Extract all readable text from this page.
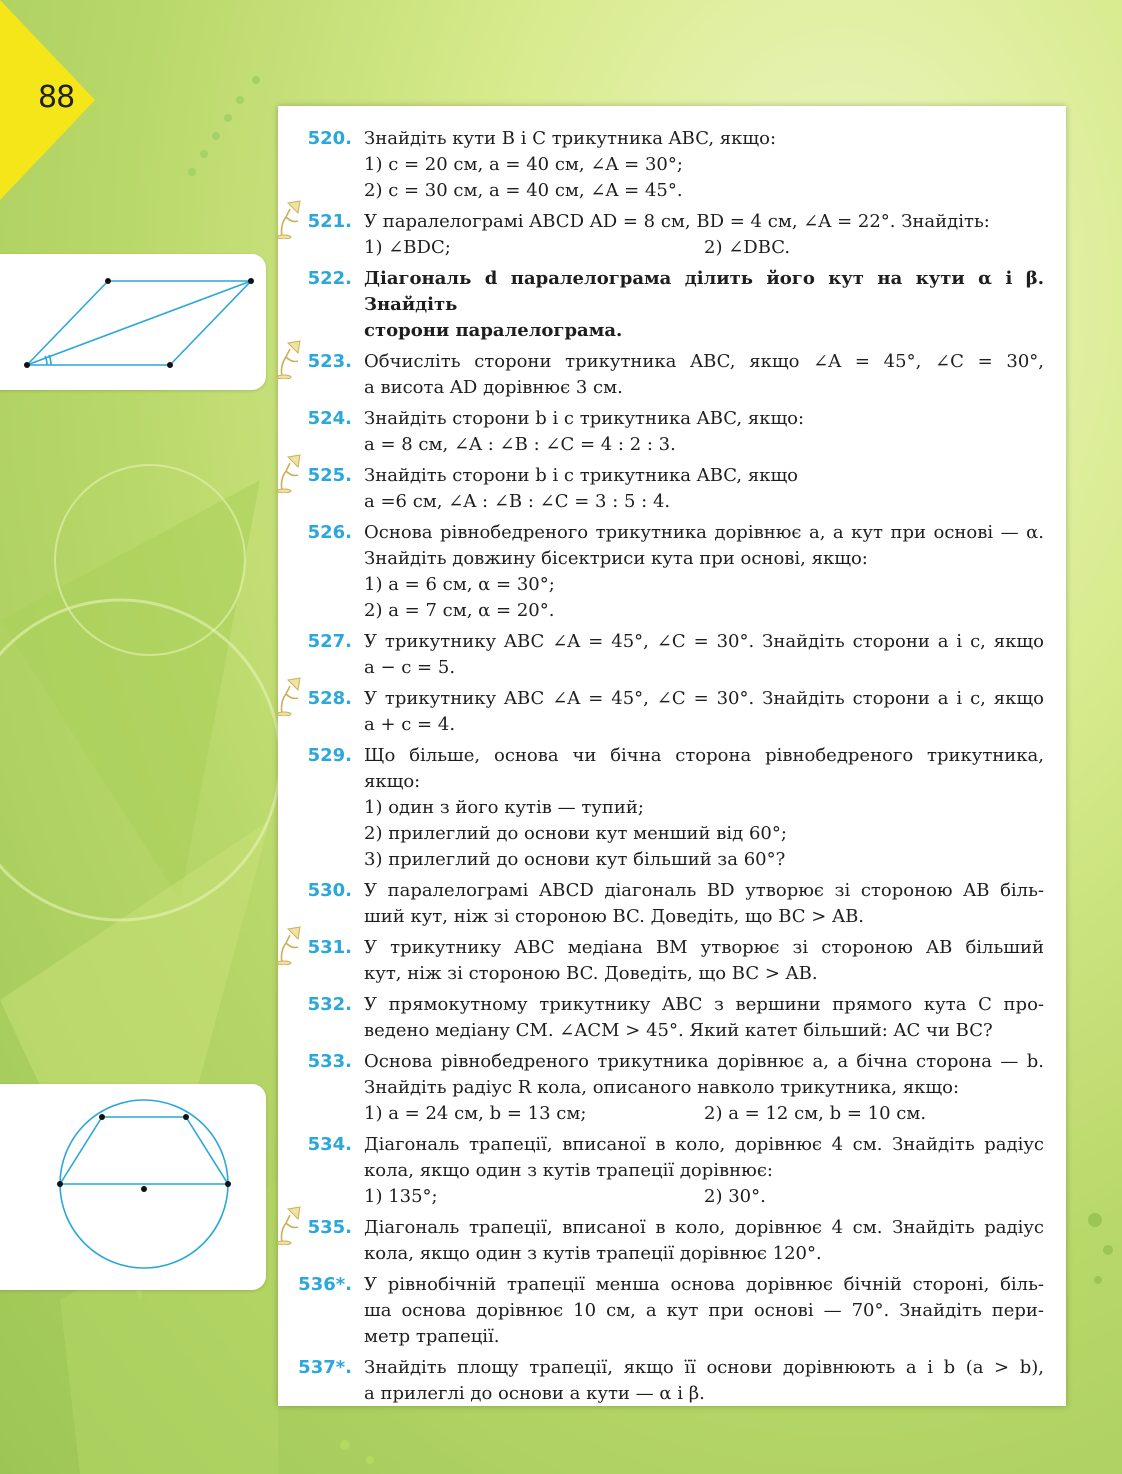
88
520. Знайдіть кути B і C трикутника ABC, якщо:
1) c = 20 см, a = 40 см, ∠A = 30°;
2) c = 30 см, a = 40 см, ∠A = 45°.
521. У паралелограмі ABCD AD = 8 см, BD = 4 см, ∠A = 22°. Знайдіть:
1) ∠BDC;	2) ∠DBC.
522. Діагональ d паралелограма ділить його кут на кути α і β. Знайдіть
сторони паралелограма.
523. Обчисліть сторони трикутника ABC, якщо ∠A = 45°, ∠C = 30°,
а висота AD дорівнює 3 см.
524. Знайдіть сторони b і c трикутника ABC, якщо:
a = 8 см, ∠A : ∠B : ∠C = 4 : 2 : 3.
525. Знайдіть сторони b і c трикутника ABC, якщо
a =6 см, ∠A : ∠B : ∠C = 3 : 5 : 4.
526. Основа рівнобедреного трикутника дорівнює a, а кут при основі — α.
Знайдіть довжину бісектриси кута при основі, якщо:
1) a = 6 см, α = 30°;
2) a = 7 см, α = 20°.
527. У трикутнику ABC ∠A = 45°, ∠C = 30°. Знайдіть сторони a і c, якщо
a − c = 5.
528. У трикутнику ABC ∠A = 45°, ∠C = 30°. Знайдіть сторони a і c, якщо
a + c = 4.
529. Що більше, основа чи бічна сторона рівнобедреного трикутника,
якщо:
1) один з його кутів — тупий;
2) прилеглий до основи кут менший від 60°;
3) прилеглий до основи кут більший за 60°?
530. У паралелограмі ABCD діагональ BD утворює зі стороною AB біль-
ший кут, ніж зі стороною BC. Доведіть, що BC > AB.
531. У трикутнику ABC медіана BM утворює зі стороною AB більший
кут, ніж зі стороною BC. Доведіть, що BC > AB.
532. У прямокутному трикутнику ABC з вершини прямого кута C про-
ведено медіану CM. ∠ACM > 45°. Який катет більший: AC чи BC?
533. Основа рівнобедреного трикутника дорівнює a, а бічна сторона — b.
Знайдіть радіус R кола, описаного навколо трикутника, якщо:
1) a = 24 см, b = 13 см;	2) a = 12 см, b = 10 см.
534. Діагональ трапеції, вписаної в коло, дорівнює 4 см. Знайдіть радіус
кола, якщо один з кутів трапеції дорівнює:
1) 135°;	2) 30°.
535. Діагональ трапеції, вписаної в коло, дорівнює 4 см. Знайдіть радіус
кола, якщо один з кутів трапеції дорівнює 120°.
536*. У рівнобічній трапеції менша основа дорівнює бічній стороні, біль-
ша основа дорівнює 10 см, а кут при основі — 70°. Знайдіть пери-
метр трапеції.
537*. Знайдіть площу трапеції, якщо її основи дорівнюють a і b (a > b),
а прилеглі до основи a кути — α і β.
